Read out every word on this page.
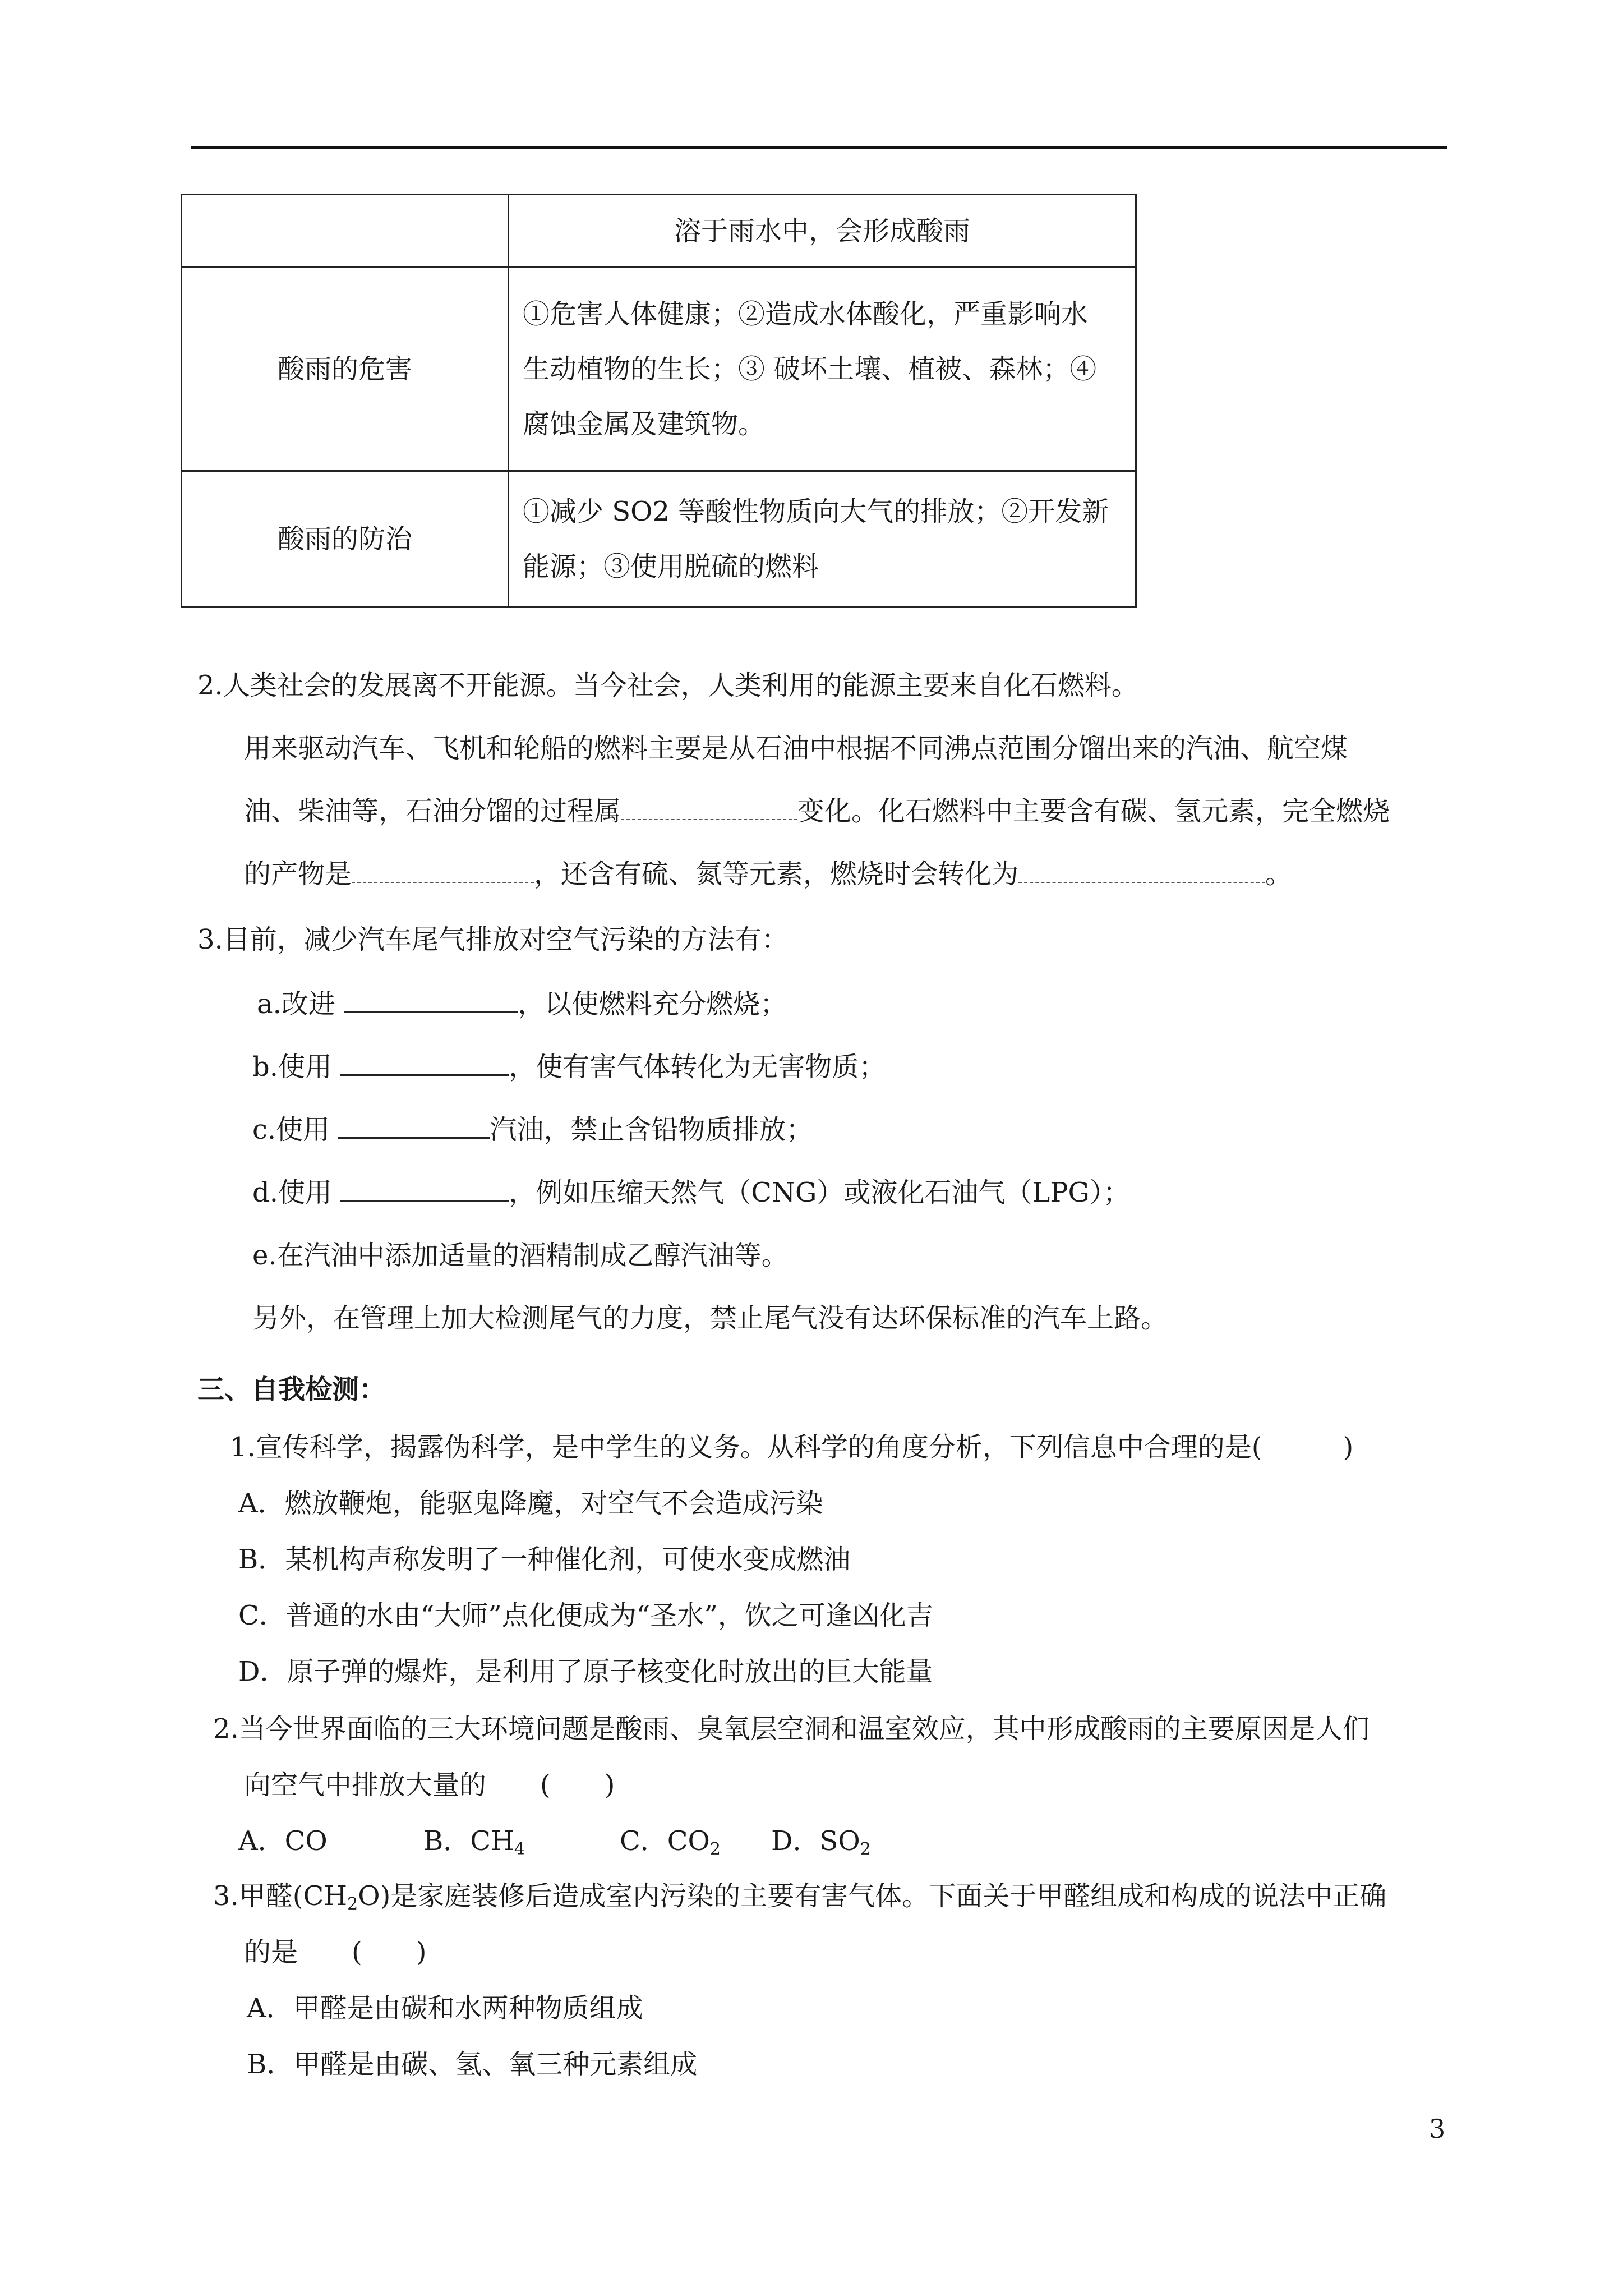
	溶于雨水中，会形成酸雨
酸雨的危害	①危害人体健康；②造成水体酸化，严重影响水
生动植物的生长；③ 破坏土壤、植被、森林；④
腐蚀金属及建筑物。

酸雨的防治	①减少 SO2 等酸性物质向大气的排放；②开发新
能源；③使用脱硫的燃料
2.人类社会的发展离不开能源。当今社会，人类利用的能源主要来自化石燃料。
用来驱动汽车、飞机和轮船的燃料主要是从石油中根据不同沸点范围分馏出来的汽油、航空煤
油、柴油等，石油分馏的过程属	变化。化石燃料中主要含有碳、氢元素，完全燃烧
的产物是	，还含有硫、氮等元素，燃烧时会转化为	。
3.目前，减少汽车尾气排放对空气污染的方法有：
a.改进	，以使燃料充分燃烧；
b.使用	，使有害气体转化为无害物质；
c.使用	汽油，禁止含铅物质排放；
d.使用	，例如压缩天然气（CNG）或液化石油气（LPG）；
e.在汽油中添加适量的酒精制成乙醇汽油等。
另外，在管理上加大检测尾气的力度，禁止尾气没有达环保标准的汽车上路。
三、自我检测：
1.宣传科学，揭露伪科学，是中学生的义务。从科学的角度分析，下列信息中合理的是(　　　)
A．燃放鞭炮，能驱鬼降魔，对空气不会造成污染
B．某机构声称发明了一种催化剂，可使水变成燃油
C．普通的水由“大师”点化便成为“圣水”，饮之可逢凶化吉
D．原子弹的爆炸，是利用了原子核变化时放出的巨大能量
2.当今世界面临的三大环境问题是酸雨、臭氧层空洞和温室效应，其中形成酸雨的主要原因是人们
向空气中排放大量的　　(　　)
A．CO	B．$CH_4$	C．$CO_2$ D．$SO_2$
3.甲醛$(CH_2O)$是家庭装修后造成室内污染的主要有害气体。下面关于甲醛组成和构成的说法中正确
的是　　(　　)
A．甲醛是由碳和水两种物质组成
B．甲醛是由碳、氢、氧三种元素组成
3
